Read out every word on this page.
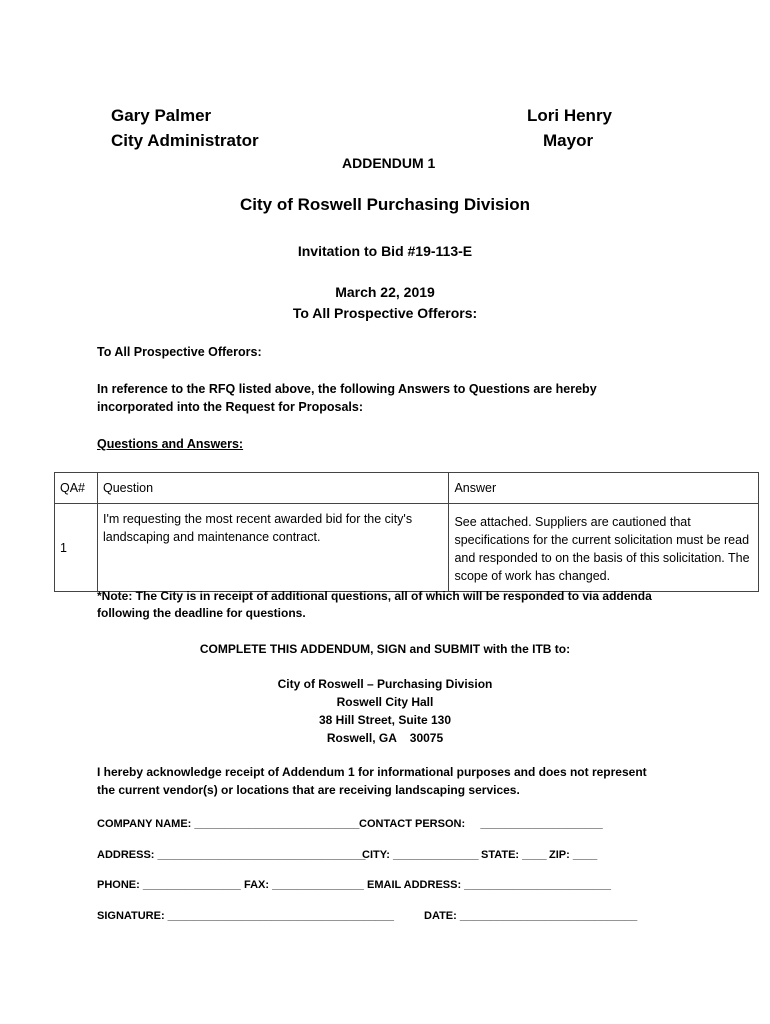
Gary Palmer
City Administrator
Lori Henry
Mayor
ADDENDUM 1
City of Roswell Purchasing Division
Invitation to Bid #19-113-E
March 22, 2019
To All Prospective Offerors:
To All Prospective Offerors:
In reference to the RFQ listed above, the following Answers to Questions are hereby
incorporated into the Request for Proposals:
Questions and Answers:
QA#	Question	Answer
1	I'm requesting the most recent awarded bid for the city's landscaping and maintenance contract.	See attached. Suppliers are cautioned that specifications for the current solicitation must be read and responded to on the basis of this solicitation. The scope of work has changed.
*Note: The City is in receipt of additional questions, all of which will be responded to via addenda
following the deadline for questions.
COMPLETE THIS ADDENDUM, SIGN and SUBMIT with the ITB to:
City of Roswell – Purchasing Division
Roswell City Hall
38 Hill Street, Suite 130
Roswell, GA    30075
I hereby acknowledge receipt of Addendum 1 for informational purposes and does not represent
the current vendor(s) or locations that are receiving landscaping services.
COMPANY NAME: ___________________________ CONTACT PERSON:     ____________________
ADDRESS: __________________________________
CITY: ______________ STATE: ____ ZIP: ____
PHONE: ________________ FAX: _______________ EMAIL ADDRESS: ________________________
SIGNATURE: _____________________________________	DATE: _____________________________
